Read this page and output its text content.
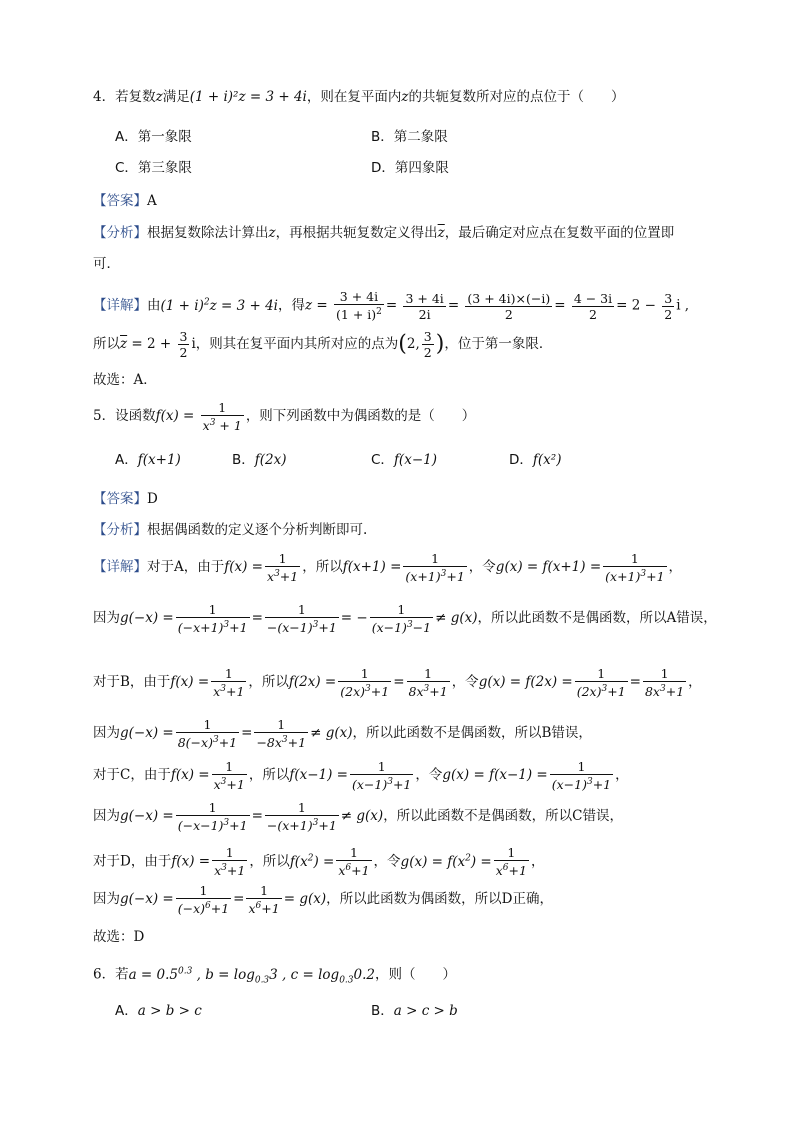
4．若复数z满足(1 + i)²z = 3 + 4i，则在复平面内z的共轭复数所对应的点位于（　　）
A．第一象限	B．第二象限
C．第三象限	D．第四象限
【答案】A
【分析】根据复数除法计算出z，再根据共轭复数定义得出$\overline{z}$，最后确定对应点在复数平面的位置即
可．
【详解】由$(1 + i)^2z = 3 + 4i$，得$z = \frac{3 + 4i}{(1 + i)^2} = \frac{3 + 4i}{2i} = \frac{(3 + 4i)\times(-i)}{2} = \frac{4 - 3i}{2} = 2 - \frac{3}{2}$ i ,
所以$\overline{z} = 2 + \frac{3}{2}$ i，则其在复平面内其所对应的点为(2, $\frac{3}{2}$ )，位于第一象限．
故选：A．
5．设函数$f(x) = \frac{1}{x^3 + 1}$ ，则下列函数中为偶函数的是（　　）
A．f(x+1)	B．f(2x)	C．f(x−1)	D．f(x²)
【答案】D
【分析】根据偶函数的定义逐个分析判断即可.
【详解】对于A，由于$f(x) = \frac{1}{x^3+1}$ ，所以$f(x+1) = \frac{1}{(x+1)^3+1}$ ，令$g(x) = f(x+1) = \frac{1}{(x+1)^3+1}$ ，
因为$g(-x) = \frac{1}{(-x+1)^3+1} = \frac{1}{-(x-1)^3+1}$ = − $\frac{1}{(x-1)^3-1} \ne g(x)$，所以此函数不是偶函数，所以A错误，
对于B，由于$f(x) = \frac{1}{x^3+1}$ ，所以$f(2x) = \frac{1}{(2x)^3+1} = \frac{1}{8x^3+1}$ ，令$g(x) = f(2x) = \frac{1}{(2x)^3+1} = \frac{1}{8x^3+1}$ ，
因为$g(-x) = \frac{1}{8(-x)^3+1} = \frac{1}{-8x^3+1} \ne g(x)$，所以此函数不是偶函数，所以B错误，
对于C，由于$f(x) = \frac{1}{x^3+1}$ ，所以$f(x-1) = \frac{1}{(x-1)^3+1}$ ，令$g(x) = f(x-1) = \frac{1}{(x-1)^3+1}$ ，
因为$g(-x) = \frac{1}{(-x-1)^3+1} = \frac{1}{-(x+1)^3+1} \ne g(x)$，所以此函数不是偶函数，所以C错误，
对于D，由于$f(x) = \frac{1}{x^3+1}$ ，所以$f(x^2) = \frac{1}{x^6+1}$ ，令$g(x) = f(x^2) = \frac{1}{x^6+1}$ ，
因为$g(-x) = \frac{1}{(-x)^6+1} = \frac{1}{x^6+1} = g(x)$，所以此函数为偶函数，所以D正确，
故选：D
6．若$a = 0.5^{0.3}$ , $b = \log_{0.3}3$ , $c = \log_{0.3}0.2$，则（　　）
A．a > b > c	B．a > c > b
